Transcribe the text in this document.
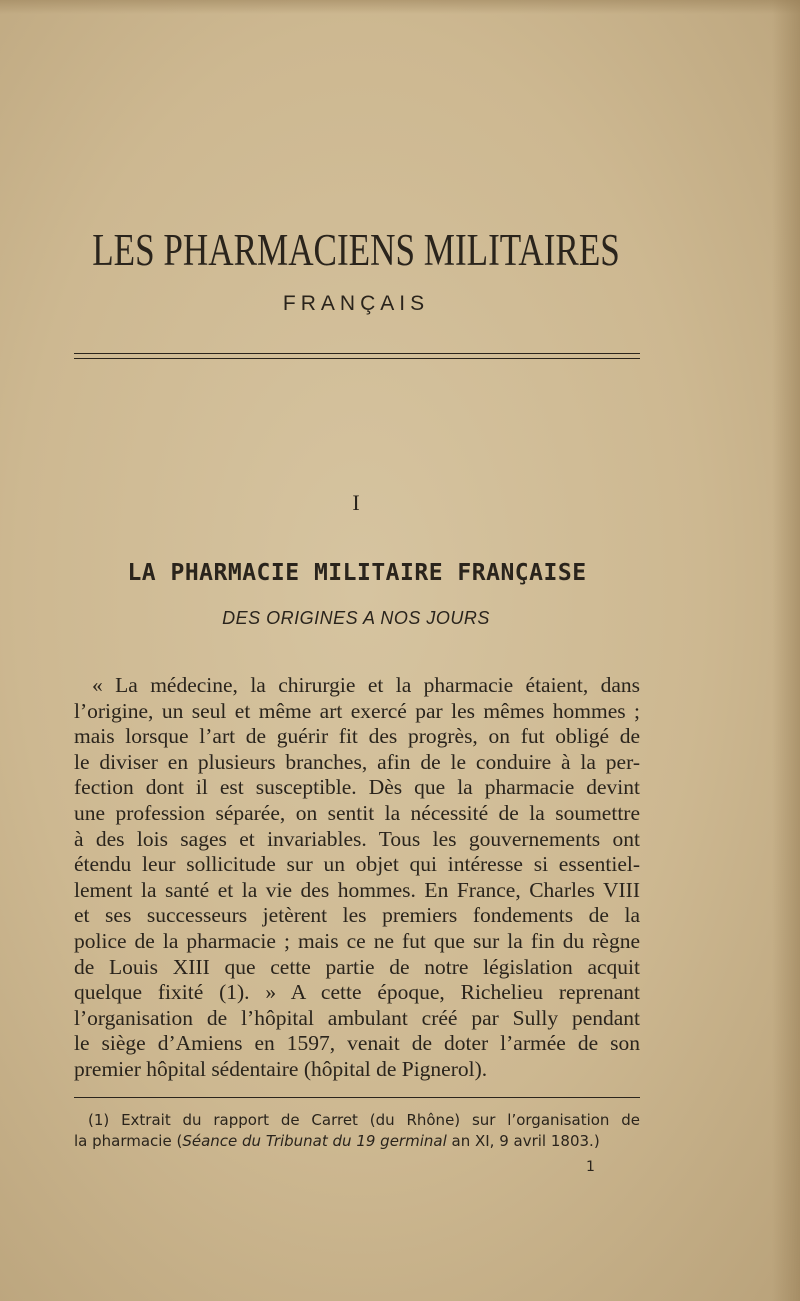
LES PHARMACIENS MILITAIRES
FRANÇAIS
I
LA PHARMACIE MILITAIRE FRANÇAISE
DES ORIGINES A NOS JOURS
« La médecine, la chirurgie et la pharmacie étaient, dans
l’origine, un seul et même art exercé par les mêmes hommes ;
mais lorsque l’art de guérir fit des progrès, on fut obligé de
le diviser en plusieurs branches, afin de le conduire à la per-
fection dont il est susceptible. Dès que la pharmacie devint
une profession séparée, on sentit la nécessité de la soumettre
à des lois sages et invariables. Tous les gouvernements ont
étendu leur sollicitude sur un objet qui intéresse si essentiel-
lement la santé et la vie des hommes. En France, Charles VIII
et ses successeurs jetèrent les premiers fondements de la
police de la pharmacie ; mais ce ne fut que sur la fin du règne
de Louis XIII que cette partie de notre législation acquit
quelque fixité (1). » A cette époque, Richelieu reprenant
l’organisation de l’hôpital ambulant créé par Sully pendant
le siège d’Amiens en 1597, venait de doter l’armée de son
premier hôpital sédentaire (hôpital de Pignerol).
(1) Extrait du rapport de Carret (du Rhône) sur l’organisation de
la pharmacie (Séance du Tribunat du 19 germinal an XI, 9 avril 1803.)
1
